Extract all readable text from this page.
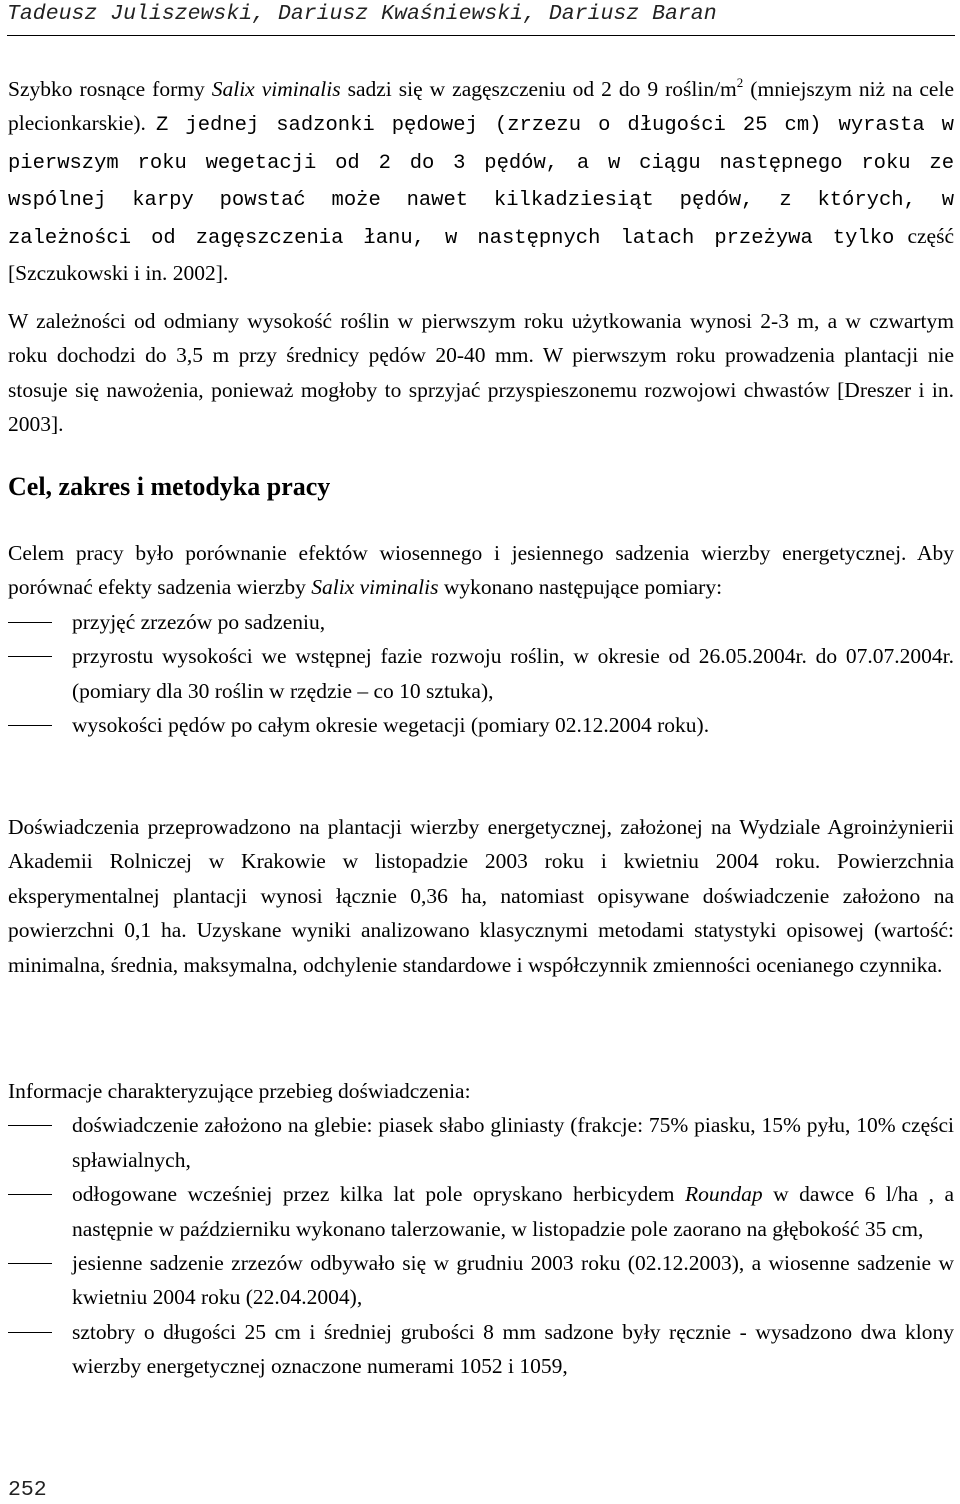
Tadeusz Juliszewski, Dariusz Kwaśniewski, Dariusz Baran

Szybko rosnące formy Salix viminalis sadzi się w zagęszczeniu od 2 do 9 roślin/$m^2$ (mniejszym niż na cele plecionkarskie). Z jednej sadzonki pędowej (zrzezu o długości 25 cm) wyrasta w pierwszym roku wegetacji od 2 do 3 pędów, a w ciągu następnego roku ze wspólnej karpy powstać może nawet kilkadziesiąt pędów, z których, w zależności od zagęszczenia łanu, w następnych latach przeżywa tylko część [Szczukowski i in. 2002].

W zależności od odmiany wysokość roślin w pierwszym roku użytkowania wynosi 2-3 m, a w czwartym roku dochodzi do 3,5 m przy średnicy pędów 20-40 mm. W pierwszym roku prowadzenia plantacji nie stosuje się nawożenia, ponieważ mogłoby to sprzyjać przyspieszonemu rozwojowi chwastów [Dreszer i in. 2003].

Cel, zakres i metodyka pracy

Celem pracy było porównanie efektów wiosennego i jesiennego sadzenia wierzby energetycznej. Aby porównać efekty sadzenia wierzby Salix viminalis wykonano następujące pomiary:

przyjęć zrzezów po sadzeniu,
przyrostu wysokości we wstępnej fazie rozwoju roślin, w okresie od 26.05.2004r. do 07.07.2004r. (pomiary dla 30 roślin w rzędzie – co 10 sztuka),
wysokości pędów po całym okresie wegetacji (pomiary 02.12.2004 roku).

Doświadczenia przeprowadzono na plantacji wierzby energetycznej, założonej na Wydziale Agroinżynierii Akademii Rolniczej w Krakowie w listopadzie 2003 roku i kwietniu 2004 roku. Powierzchnia eksperymentalnej plantacji wynosi łącznie 0,36 ha, natomiast opisywane doświadczenie założono na powierzchni 0,1 ha. Uzyskane wyniki analizowano klasycznymi metodami statystyki opisowej (wartość: minimalna, średnia, maksymalna, odchylenie standardowe i współczynnik zmienności ocenianego czynnika.

Informacje charakteryzujące przebieg doświadczenia:

doświadczenie założono na glebie: piasek słabo gliniasty (frakcje: 75% piasku, 15% pyłu, 10% części spławialnych,
odłogowane wcześniej przez kilka lat pole opryskano herbicydem Roundap w dawce 6 l/ha , a następnie w październiku wykonano talerzowanie, w listopadzie pole zaorano na głębokość 35 cm,
jesienne sadzenie zrzezów odbywało się w grudniu 2003 roku (02.12.2003), a wiosenne sadzenie w kwietniu 2004 roku (22.04.2004),
sztobry o długości 25 cm i średniej grubości 8 mm sadzone były ręcznie - wysadzono dwa klony wierzby energetycznej oznaczone numerami 1052 i 1059,
252
